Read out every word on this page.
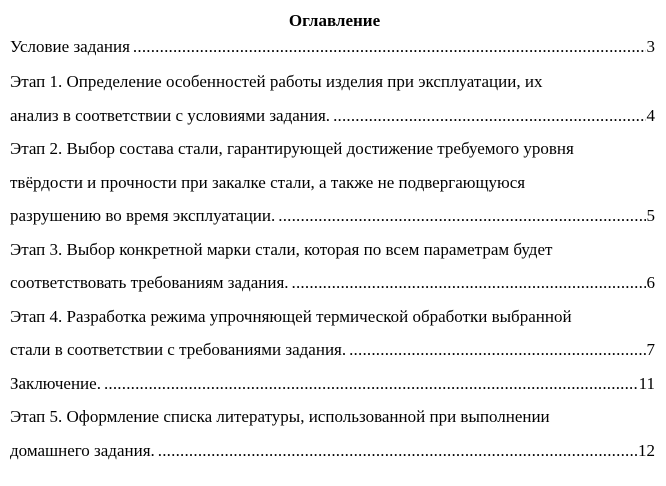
Оглавление
Условие задания .....	3
Этап 1. Определение особенностей работы изделия при эксплуатации, их
анализ в соответствии с условиями задания. .....	4
Этап 2. Выбор состава стали, гарантирующей достижение требуемого уровня
твёрдости и прочности при закалке стали, а также не подвергающуюся
разрушению во время эксплуатации. .....	5
Этап 3. Выбор конкретной марки стали, которая по всем параметрам будет
соответствовать требованиям задания. .....	6
Этап 4. Разработка режима упрочняющей термической обработки выбранной
стали в соответствии с требованиями задания. .....	7
Заключение. .....	11
Этап 5. Оформление списка литературы, использованной при выполнении
домашнего задания. .....	12
